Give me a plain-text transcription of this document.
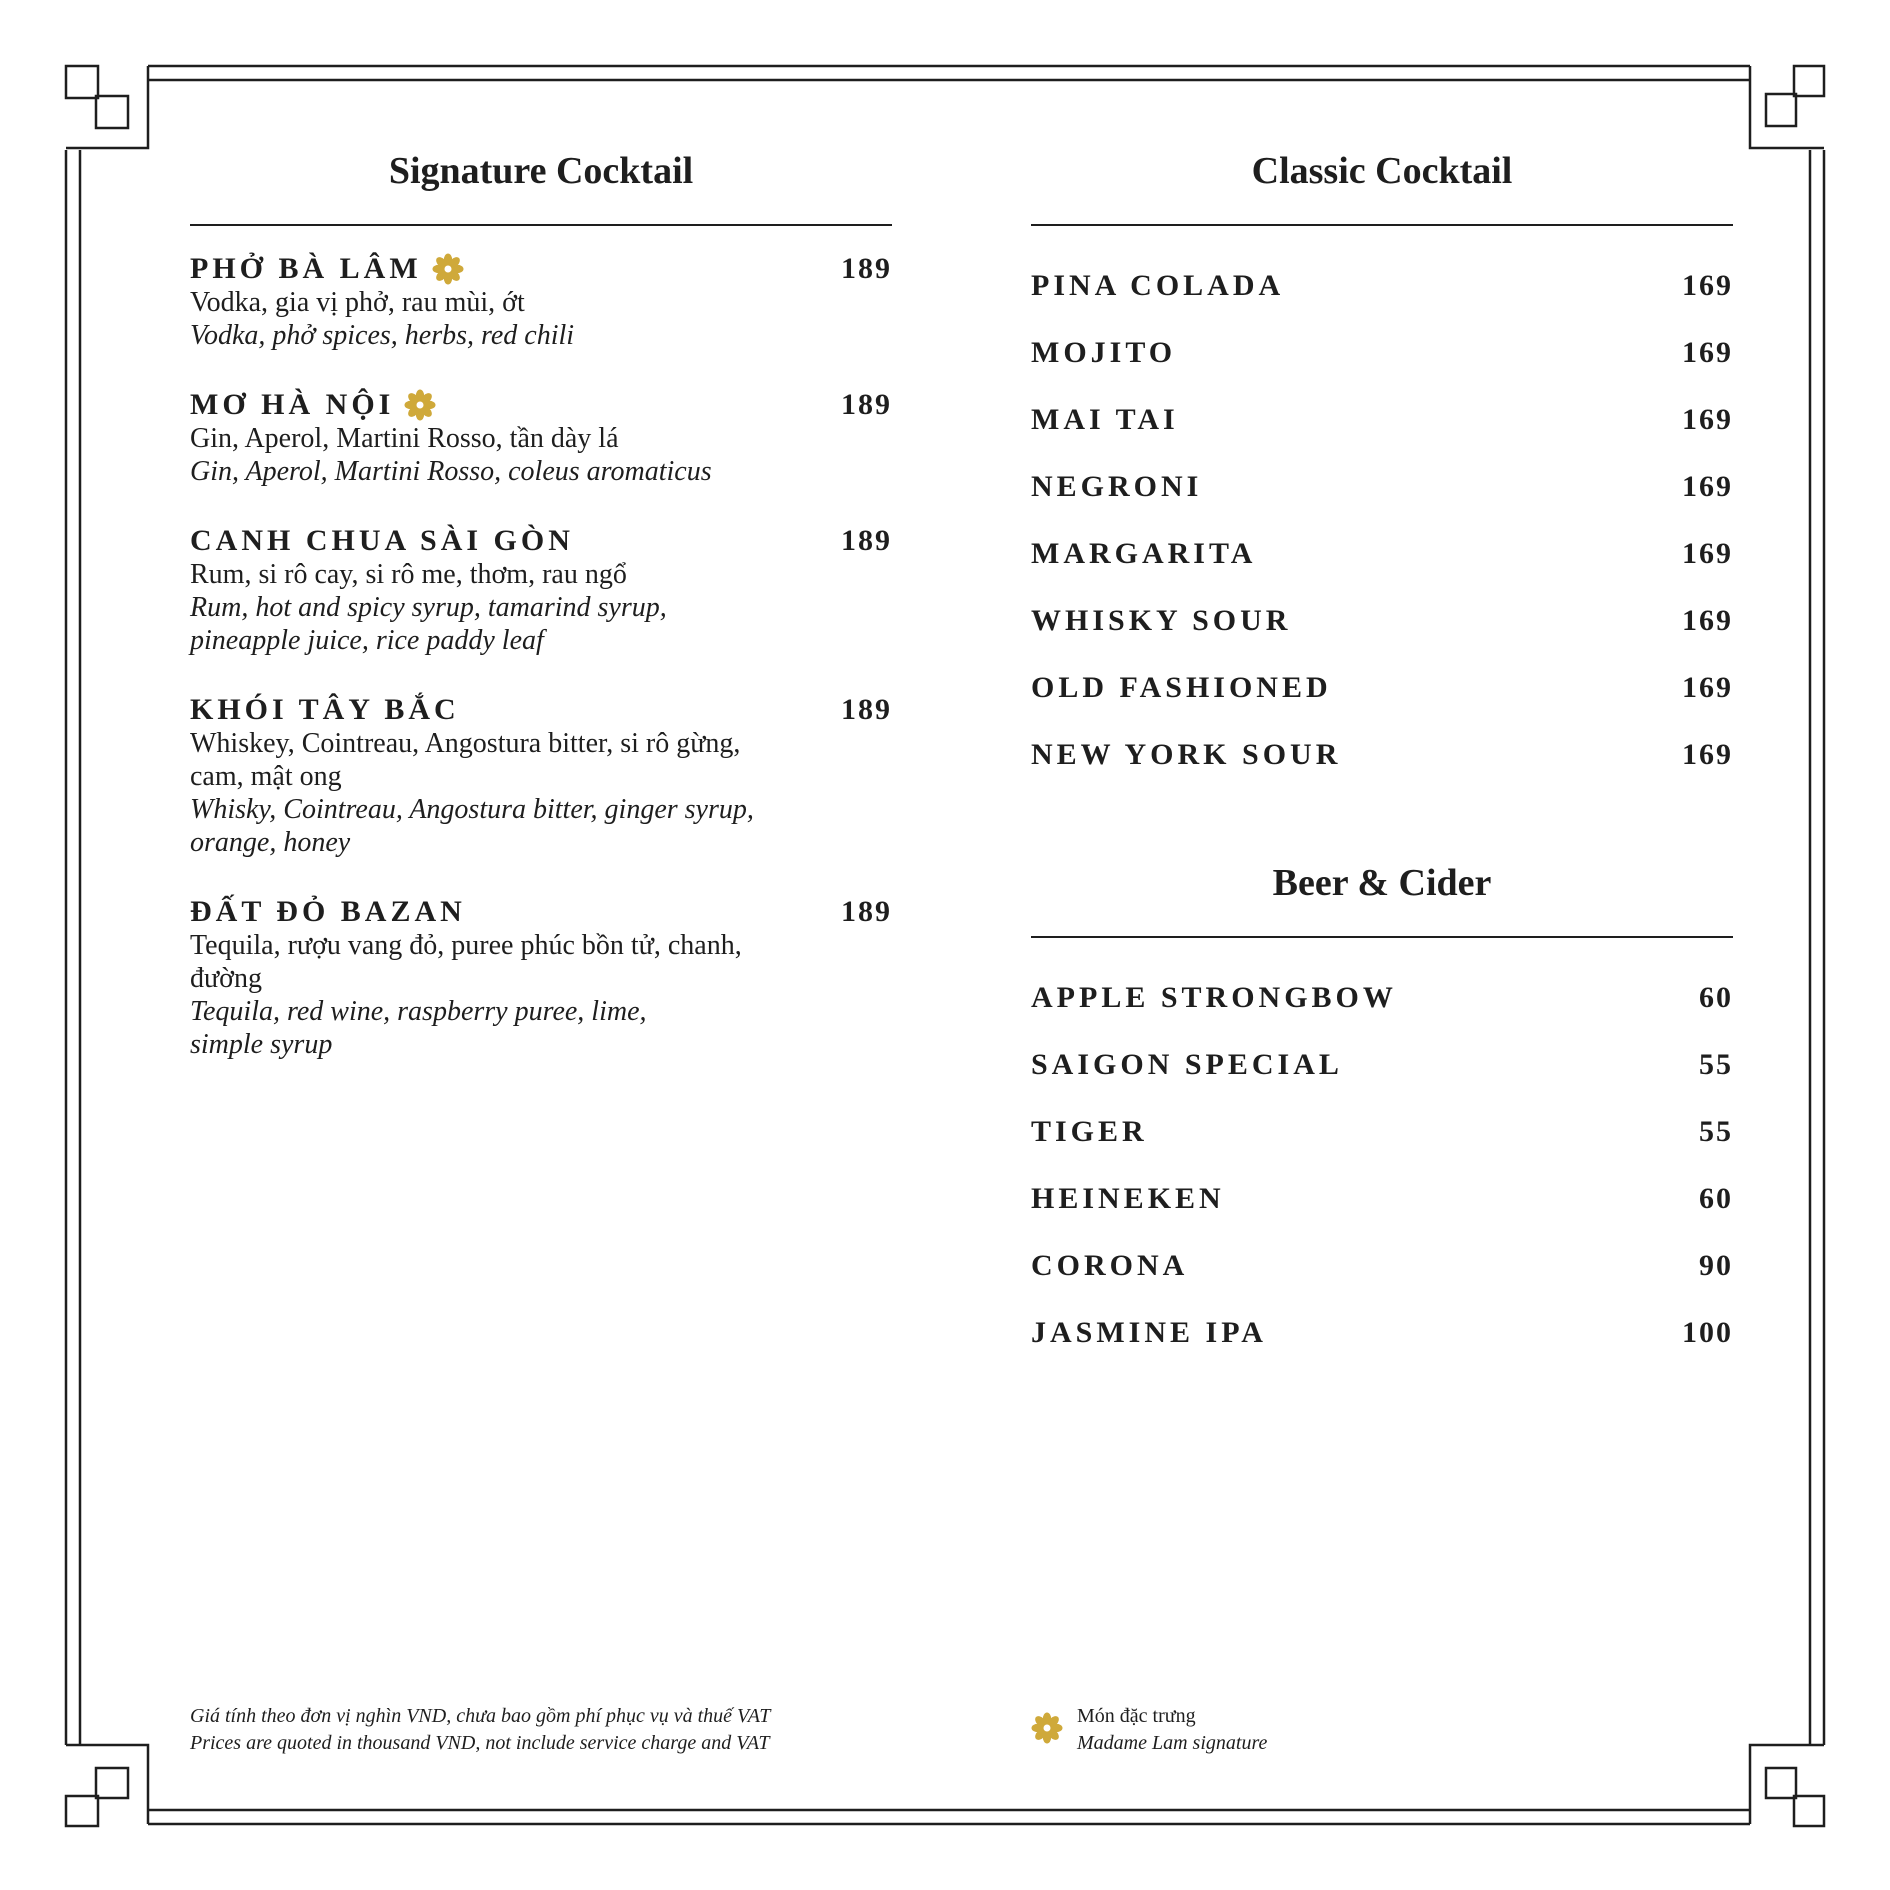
Signature Cocktail
PHỞ BÀ LÂM	189
Vodka, gia vị phở, rau mùi, ớt
Vodka, phở spices, herbs, red chili
MƠ HÀ NỘI	189
Gin, Aperol, Martini Rosso, tần dày lá
Gin, Aperol, Martini Rosso, coleus aromaticus
CANH CHUA SÀI GÒN	189
Rum, si rô cay, si rô me, thơm, rau ngổ
Rum, hot and spicy syrup, tamarind syrup,
pineapple juice, rice paddy leaf
KHÓI TÂY BẮC	189
Whiskey, Cointreau, Angostura bitter, si rô gừng, cam, mật ong
Whisky, Cointreau, Angostura bitter, ginger syrup,
orange, honey
ĐẤT ĐỎ BAZAN	189
Tequila, rượu vang đỏ, puree phúc bồn tử, chanh, đường
Tequila, red wine, raspberry puree, lime,
simple syrup
Classic Cocktail
PINA COLADA	169
MOJITO	169
MAI TAI	169
NEGRONI	169
MARGARITA	169
WHISKY SOUR	169
OLD FASHIONED	169
NEW YORK SOUR	169
Beer & Cider
APPLE STRONGBOW	60
SAIGON SPECIAL	55
TIGER	55
HEINEKEN	60
CORONA	90
JASMINE IPA	100
Giá tính theo đơn vị nghìn VND, chưa bao gồm phí phục vụ và thuế VAT
Prices are quoted in thousand VND, not include service charge and VAT
Món đặc trưng
Madame Lam signature
